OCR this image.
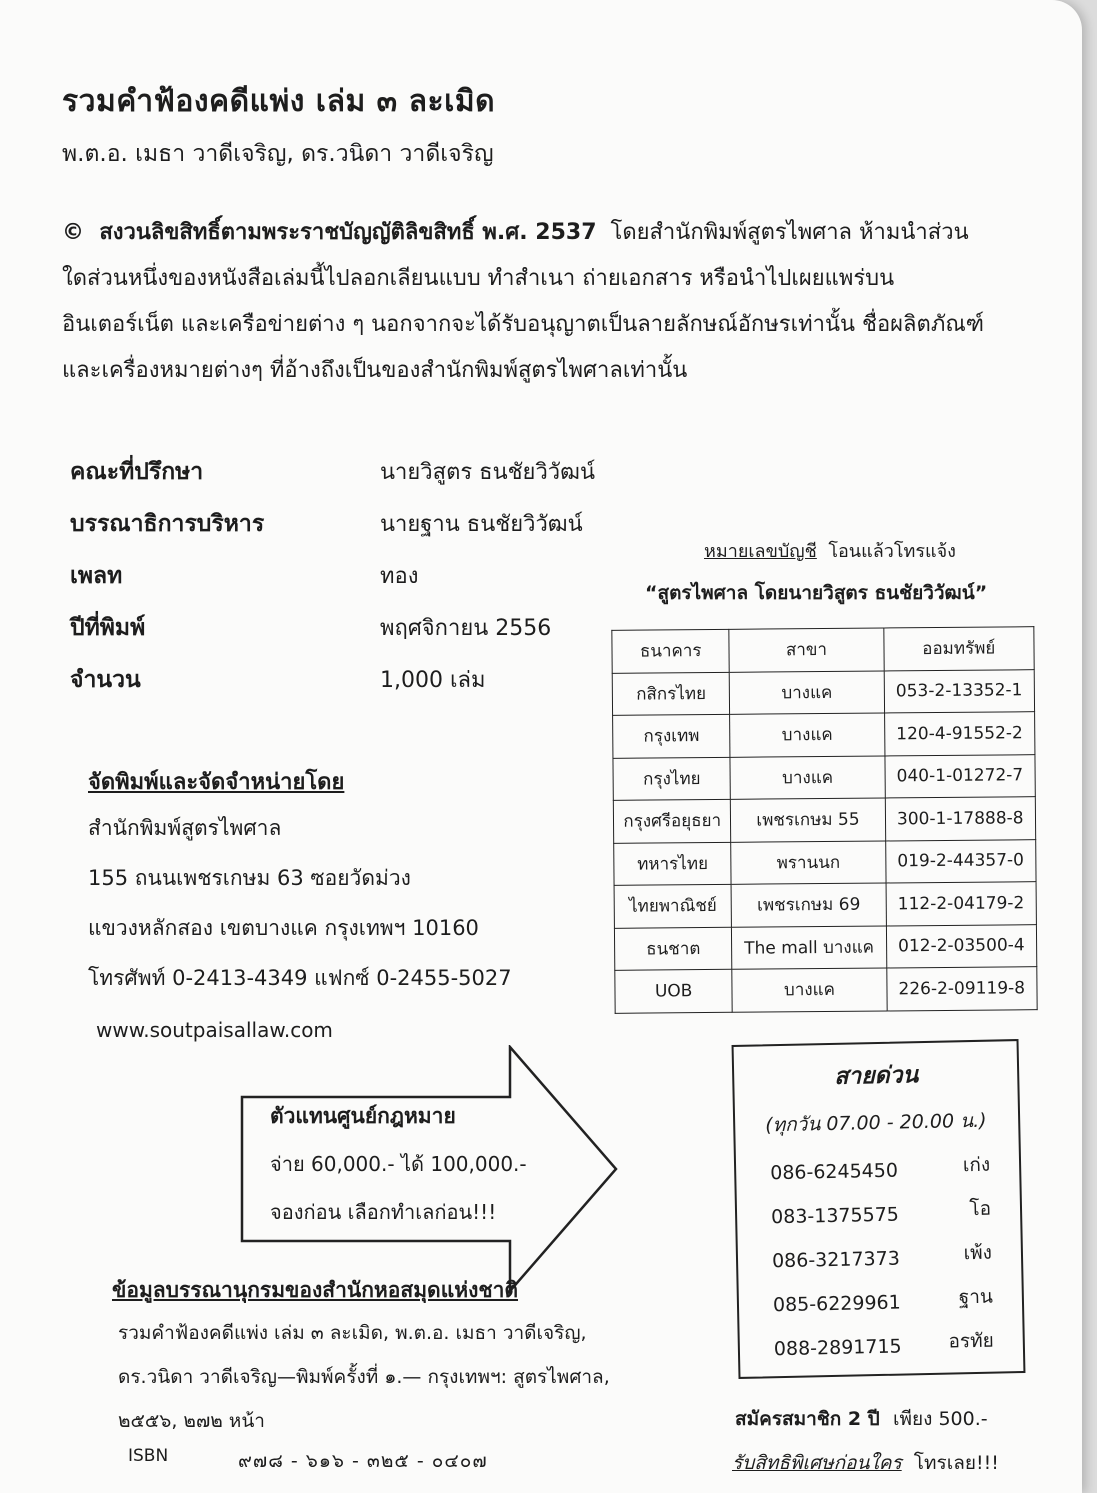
รวมคำฟ้องคดีแพ่ง เล่ม ๓ ละเมิด
พ.ต.อ. เมธา วาดีเจริญ, ดร.วนิดา วาดีเจริญ

© สงวนลิขสิทธิ์ตามพระราชบัญญัติลิขสิทธิ์ พ.ศ. 2537 โดยสำนักพิมพ์สูตรไพศาล ห้ามนำส่วน

ใดส่วนหนึ่งของหนังสือเล่มนี้ไปลอกเลียนแบบ ทำสำเนา ถ่ายเอกสาร หรือนำไปเผยแพร่บน

อินเตอร์เน็ต และเครือข่ายต่าง ๆ นอกจากจะได้รับอนุญาตเป็นลายลักษณ์อักษรเท่านั้น ชื่อผลิตภัณฑ์

และเครื่องหมายต่างๆ ที่อ้างถึงเป็นของสำนักพิมพ์สูตรไพศาลเท่านั้น

คณะที่ปรึกษา	นายวิสูตร ธนชัยวิวัฒน์
บรรณาธิการบริหาร	นายฐาน ธนชัยวิวัฒน์
เพลท	ทอง
ปีที่พิมพ์	พฤศจิกายน 2556
จำนวน	1,000 เล่ม
หมายเลขบัญชี โอนแล้วโทรแจ้ง
“สูตรไพศาล โดยนายวิสูตร ธนชัยวิวัฒน์”
ธนาคาร	สาขา	ออมทรัพย์
กสิกรไทย	บางแค	053-2-13352-1
กรุงเทพ	บางแค	120-4-91552-2
กรุงไทย	บางแค	040-1-01272-7
กรุงศรีอยุธยา	เพชรเกษม 55	300-1-17888-8
ทหารไทย	พรานนก	019-2-44357-0
ไทยพาณิชย์	เพชรเกษม 69	112-2-04179-2
ธนชาต	The mall บางแค	012-2-03500-4
UOB	บางแค	226-2-09119-8
จัดพิมพ์และจัดจำหน่ายโดย
สำนักพิมพ์สูตรไพศาล
155 ถนนเพชรเกษม 63 ซอยวัดม่วง
แขวงหลักสอง เขตบางแค กรุงเทพฯ 10160
โทรศัพท์ 0-2413-4349 แฟกซ์ 0-2455-5027
www.soutpaisallaw.com
ตัวแทนศูนย์กฎหมาย
จ่าย 60,000.- ได้ 100,000.-
จองก่อน เลือกทำเลก่อน!!!
สายด่วน
(ทุกวัน 07.00 - 20.00 น.)
086-6245450	เก่ง
083-1375575	โอ
086-3217373	เพ้ง
085-6229961	ฐาน
088-2891715 อรทัย
ข้อมูลบรรณานุกรมของสำนักหอสมุดแห่งชาติ
รวมคำฟ้องคดีแพ่ง เล่ม ๓ ละเมิด, พ.ต.อ. เมธา วาดีเจริญ,
ดร.วนิดา วาดีเจริญ—พิมพ์ครั้งที่ ๑.— กรุงเทพฯ: สูตรไพศาล,
๒๕๕๖, ๒๗๒ หน้า
ISBN	๙๗๘ - ๖๑๖ - ๓๒๕ - ๐๔๐๗
สมัครสมาชิก 2 ปี เพียง 500.-
รับสิทธิพิเศษก่อนใคร โทรเลย!!!
